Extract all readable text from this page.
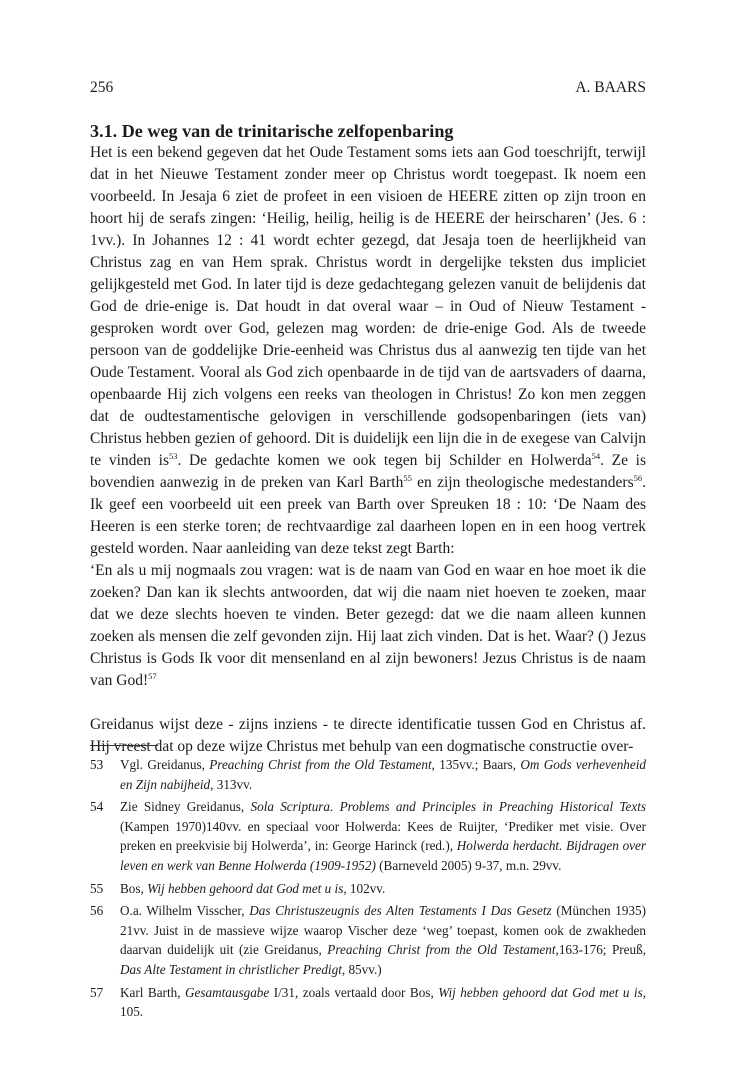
256	A. BAARS
3.1. De weg van de trinitarische zelfopenbaring

Het is een bekend gegeven dat het Oude Testament soms iets aan God toeschrijft, terwijl dat in het Nieuwe Testament zonder meer op Christus wordt toegepast. Ik noem een voorbeeld. In Jesaja 6 ziet de profeet in een visioen de HEERE zitten op zijn troon en hoort hij de serafs zingen: ‘Heilig, heilig, heilig is de HEERE der heirscharen’ (Jes. 6 : 1vv.). In Johannes 12 : 41 wordt echter gezegd, dat Jesaja toen de heerlijkheid van Christus zag en van Hem sprak. Christus wordt in dergelijke teksten dus impliciet gelijkgesteld met God. In later tijd is deze gedachtegang gelezen vanuit de belijdenis dat God de drie-enige is. Dat houdt in dat overal waar – in Oud of Nieuw Testament - gesproken wordt over God, gelezen mag worden: de drie-enige God. Als de tweede persoon van de goddelijke Drie-eenheid was Christus dus al aanwezig ten tijde van het Oude Testament. Vooral als God zich openbaarde in de tijd van de aartsvaders of daarna, openbaarde Hij zich volgens een reeks van theologen in Christus! Zo kon men zeggen dat de oudtestamentische gelovigen in verschillende godsopenbaringen (iets van) Christus hebben gezien of gehoord. Dit is duidelijk een lijn die in de exegese van Calvijn te vinden $is^{53}$. De gedachte komen we ook tegen bij Schilder en Holwerda$^{54}$. Ze is bovendien aanwezig in de preken van Karl Barth$^{55}$ en zijn theologische medestanders$^{56}$. Ik geef een voorbeeld uit een preek van Barth over Spreuken 18 : 10: ‘De Naam des Heeren is een sterke toren; de rechtvaardige zal daarheen lopen en in een hoog vertrek gesteld worden. Naar aanleiding van deze tekst zegt Barth:

‘En als u mij nogmaals zou vragen: wat is de naam van God en waar en hoe moet ik die zoeken? Dan kan ik slechts antwoorden, dat wij die naam niet hoeven te zoeken, maar dat we deze slechts hoeven te vinden. Beter gezegd: dat we die naam alleen kunnen zoeken als mensen die zelf gevonden zijn. Hij laat zich vinden. Dat is het. Waar? () Jezus Christus is Gods Ik voor dit mensenland en al zijn bewoners! Jezus Christus is de naam van God!$^{57}$

Greidanus wijst deze - zijns inziens - te directe identificatie tussen God en Christus af. Hij vreest dat op deze wijze Christus met behulp van een dogmatische constructie over-

53 Vgl. Greidanus, Preaching Christ from the Old Testament, 135vv.; Baars, Om Gods verhevenheid en Zijn nabijheid, 313vv.
54 Zie Sidney Greidanus, Sola Scriptura. Problems and Principles in Preaching Historical Texts (Kampen 1970)140vv. en speciaal voor Holwerda: Kees de Ruijter, ‘Prediker met visie. Over preken en preekvisie bij Holwerda’, in: George Harinck (red.), Holwerda herdacht. Bijdragen over leven en werk van Benne Holwerda (1909-1952) (Barneveld 2005) 9-37, m.n. 29vv.
55 Bos, Wij hebben gehoord dat God met u is, 102vv.
56 O.a. Wilhelm Visscher, Das Christuszeugnis des Alten Testaments I Das Gesetz (München 1935) 21vv. Juist in de massieve wijze waarop Vischer deze ‘weg’ toepast, komen ook de zwakheden daarvan duidelijk uit (zie Greidanus, Preaching Christ from the Old Testament,163-176; Preuß, Das Alte Testament in christlicher Predigt, 85vv.)
57 Karl Barth, Gesamtausgabe I/31, zoals vertaald door Bos, Wij hebben gehoord dat God met u is, 105.
